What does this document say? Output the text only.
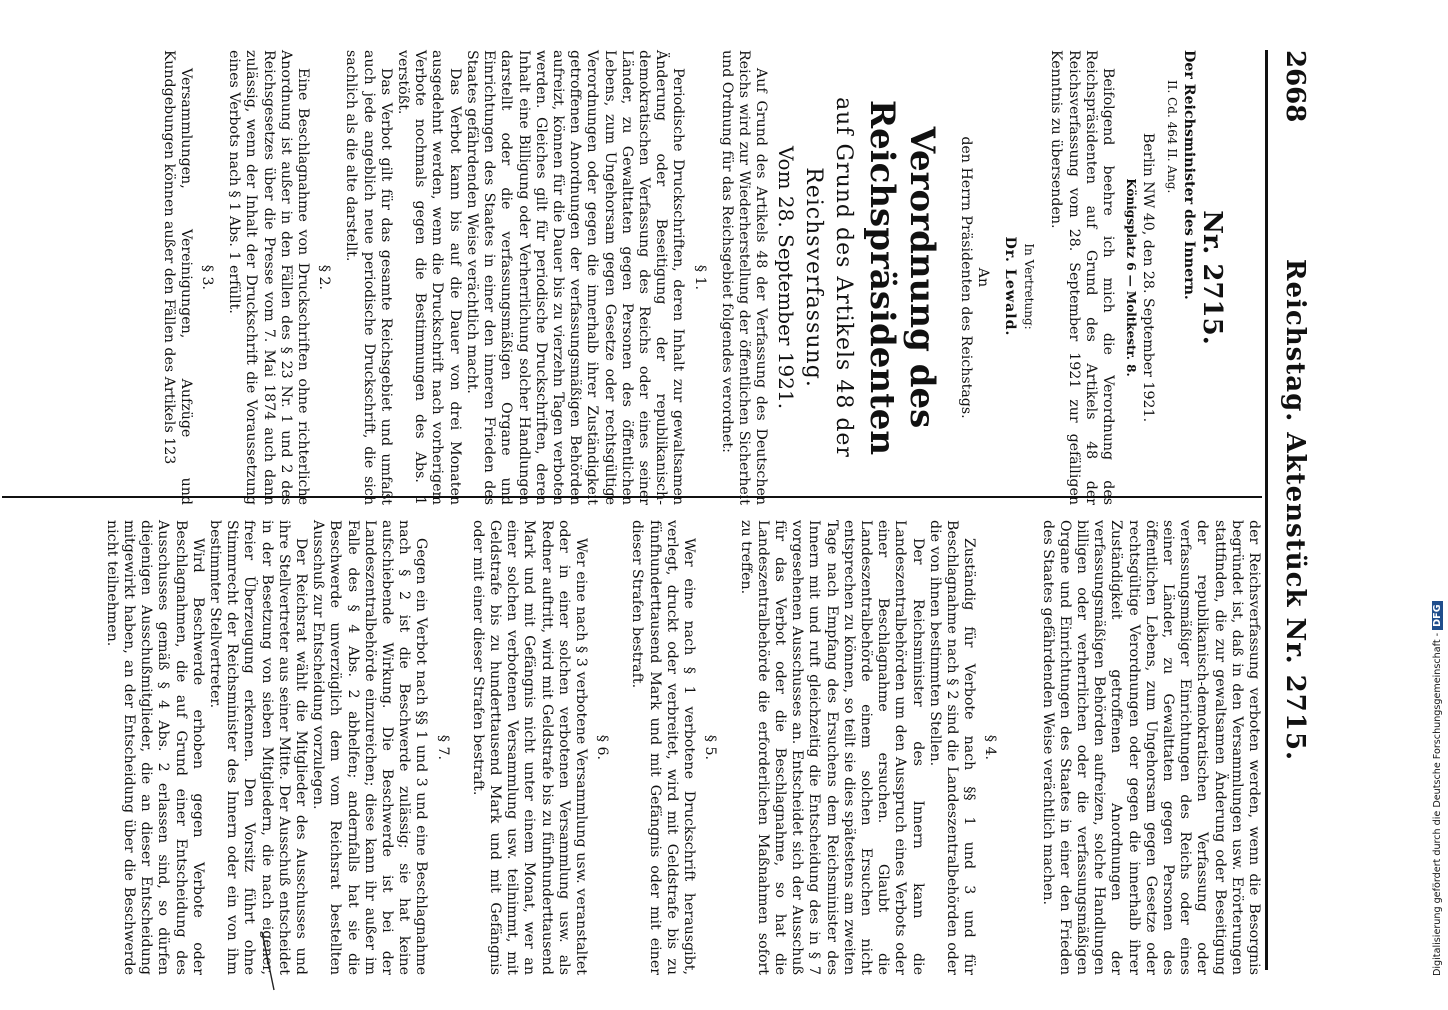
2668
Reichstag. Aktenstück Nr. 2715.
Nr. 2715.

Der Reichsminister des Innern.

II. Cd. 464 II. Ang.

Berlin NW 40, den 28. September 1921.

Königsplatz 6 — Moltkestr. 8.

Beifolgend beehre ich mich die Verordnung des Reichspräsidenten auf Grund des Artikels 48 der Reichsverfassung vom 28. September 1921 zur gefälligen Kenntnis zu übersenden.

In Vertretung:

Dr. Lewald.

An

den Herrn Präsidenten des Reichstags.

Verordnung des Reichspräsidenten
auf Grund des Artikels 48 der Reichsverfassung.
Vom 28. September 1921.

Auf Grund des Artikels 48 der Verfassung des Deutschen Reichs wird zur Wiederherstellung der öffentlichen Sicherheit und Ordnung für das Reichsgebiet folgendes verordnet:

§ 1.

Periodische Druckschriften, deren Inhalt zur gewaltsamen Änderung oder Beseitigung der republikanisch-demokratischen Verfassung des Reichs oder eines seiner Länder, zu Gewalttaten gegen Personen des öffentlichen Lebens, zum Ungehorsam gegen Gesetze oder rechtsgültige Verordnungen oder gegen die innerhalb ihrer Zuständigkeit getroffenen Anordnungen der verfassungsmäßigen Behörden aufreizt, können für die Dauer bis zu vierzehn Tagen verboten werden. Gleiches gilt für periodische Druckschriften, deren Inhalt eine Billigung oder Verherrlichung solcher Handlungen darstellt oder die verfassungsmäßigen Organe und Einrichtungen des Staates in einer den inneren Frieden des Staates gefährdenden Weise verächtlich macht.

Das Verbot kann bis auf die Dauer von drei Monaten ausgedehnt werden, wenn die Druckschrift nach vorherigem Verbote nochmals gegen die Bestimmungen des Abs. 1 verstößt.

Das Verbot gilt für das gesamte Reichsgebiet und umfaßt auch jede angeblich neue periodische Druckschrift, die sich sachlich als die alte darstellt.

§ 2.

Eine Beschlagnahme von Druckschriften ohne richterliche Anordnung ist außer in den Fällen des § 23 Nr. 1 und 2 des Reichsgesetzes über die Presse vom 7. Mai 1874 auch dann zulässig, wenn der Inhalt der Druckschrift die Voraussetzung eines Verbots nach § 1 Abs. 1 erfüllt.

§ 3.

Versammlungen, Vereinigungen, Aufzüge und Kundgebungen können außer den Fällen des Artikels 123

der Reichsverfassung verboten werden, wenn die Besorgnis begründet ist, daß in den Versammlungen usw. Erörterungen stattfinden, die zur gewaltsamen Änderung oder Beseitigung der republikanisch-demokratischen Verfassung oder verfassungsmäßiger Einrichtungen des Reichs oder eines seiner Länder, zu Gewalttaten gegen Personen des öffentlichen Lebens, zum Ungehorsam gegen Gesetze oder rechtsgültige Verordnungen oder gegen die innerhalb ihrer Zuständigkeit getroffenen Anordnungen der verfassungsmäßigen Behörden aufreizen, solche Handlungen billigen oder verherrlichen oder die verfassungsmäßigen Organe und Einrichtungen des Staates in einer den Frieden des Staates gefährdenden Weise verächtlich machen.

§ 4.

Zuständig für Verbote nach §§ 1 und 3 und für Beschlagnahme nach § 2 sind die Landeszentralbehörden oder die von ihnen bestimmten Stellen.

Der Reichsminister des Innern kann die Landeszentralbehörden um den Ausspruch eines Verbots oder einer Beschlagnahme ersuchen. Glaubt die Landeszentralbehörde einem solchen Ersuchen nicht entsprechen zu können, so teilt sie dies spätestens am zweiten Tage nach Empfang des Ersuchens dem Reichsminister des Innern mit und ruft gleichzeitig die Entscheidung des in § 7 vorgesehenen Ausschusses an. Entscheidet sich der Ausschuß für das Verbot oder die Beschlagnahme, so hat die Landeszentralbehörde die erforderlichen Maßnahmen sofort zu treffen.

§ 5.

Wer eine nach § 1 verbotene Druckschrift herausgibt, verlegt, druckt oder verbreitet, wird mit Geldstrafe bis zu fünfhunderttausend Mark und mit Gefängnis oder mit einer dieser Strafen bestraft.

§ 6.

Wer eine nach § 3 verbotene Versammlung usw. veranstaltet oder in einer solchen verbotenen Versammlung usw. als Redner auftritt, wird mit Geldstrafe bis zu fünfhunderttausend Mark und mit Gefängnis nicht unter einem Monat, wer an einer solchen verbotenen Versammlung usw. teilnimmt, mit Geldstrafe bis zu hunderttausend Mark und mit Gefängnis oder mit einer dieser Strafen bestraft.

§ 7.

Gegen ein Verbot nach §§ 1 und 3 und eine Beschlagnahme nach § 2 ist die Beschwerde zulässig; sie hat keine aufschiebende Wirkung. Die Beschwerde ist bei der Landeszentralbehörde einzureichen; diese kann ihr außer im Falle des § 4 Abs. 2 abhelfen; andernfalls hat sie die Beschwerde unverzüglich dem vom Reichsrat bestellten Ausschuß zur Entscheidung vorzulegen.

Der Reichsrat wählt die Mitglieder des Ausschusses und ihre Stellvertreter aus seiner Mitte. Der Ausschuß entscheidet in der Besetzung von sieben Mitgliedern, die nach eigener, freier Überzeugung erkennen. Den Vorsitz führt ohne Stimmrecht der Reichsminister des Innern oder ein von ihm bestimmter Stellvertreter.

Wird Beschwerde erhoben gegen Verbote oder Beschlagnahmen, die auf Grund einer Entscheidung des Ausschusses gemäß § 4 Abs. 2 erlassen sind, so dürfen diejenigen Ausschußmitglieder, die an dieser Entscheidung mitgewirkt haben, an der Entscheidung über die Beschwerde nicht teilnehmen.

Digitalisierung gefördert durch die Deutsche Forschungsgemeinschaft - DFG
